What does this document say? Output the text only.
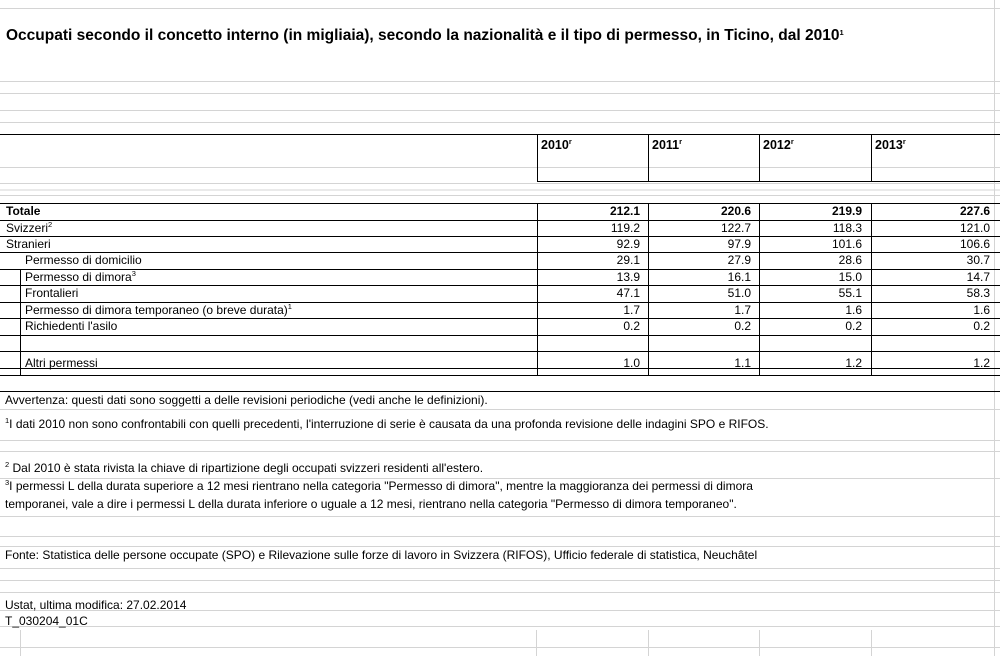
Occupati secondo il concetto interno (in migliaia), secondo la nazionalità e il tipo di permesso, in Ticino, dal 2010$^1$
2010$^r$	2011$^r$	2012$^r$	2013$^r$
Totale	212.1	220.6	219.9	227.6
Svizzeri$^2$	119.2	122.7	118.3	121.0
Stranieri	92.9	97.9	101.6	106.6
Permesso di domicilio	29.1	27.9	28.6	30.7
Permesso di dimora$^3$	13.9	16.1	15.0	14.7
Frontalieri	47.1	51.0	55.1	58.3
Permesso di dimora temporaneo (o breve durata)$^1$	1.7	1.7	1.6	1.6
Richiedenti l'asilo	0.2	0.2	0.2	0.2
Altri permessi	1.0	1.1	1.2	1.2
Avvertenza: questi dati sono soggetti a delle revisioni periodiche (vedi anche le definizioni).
$^1$I dati 2010 non sono confrontabili con quelli precedenti, l'interruzione di serie è causata da una profonda revisione delle indagini SPO e RIFOS.
$^2$ Dal 2010 è stata rivista la chiave di ripartizione degli occupati svizzeri residenti all'estero.
$^3$I permessi L della durata superiore a 12 mesi rientrano nella categoria "Permesso di dimora", mentre la maggioranza dei permessi di dimora
temporanei, vale a dire i permessi L della durata inferiore o uguale a 12 mesi, rientrano nella categoria "Permesso di dimora temporaneo".
Fonte: Statistica delle persone occupate (SPO) e Rilevazione sulle forze di lavoro in Svizzera (RIFOS), Ufficio federale di statistica, Neuchâtel
Ustat, ultima modifica: 27.02.2014
T_030204_01C
